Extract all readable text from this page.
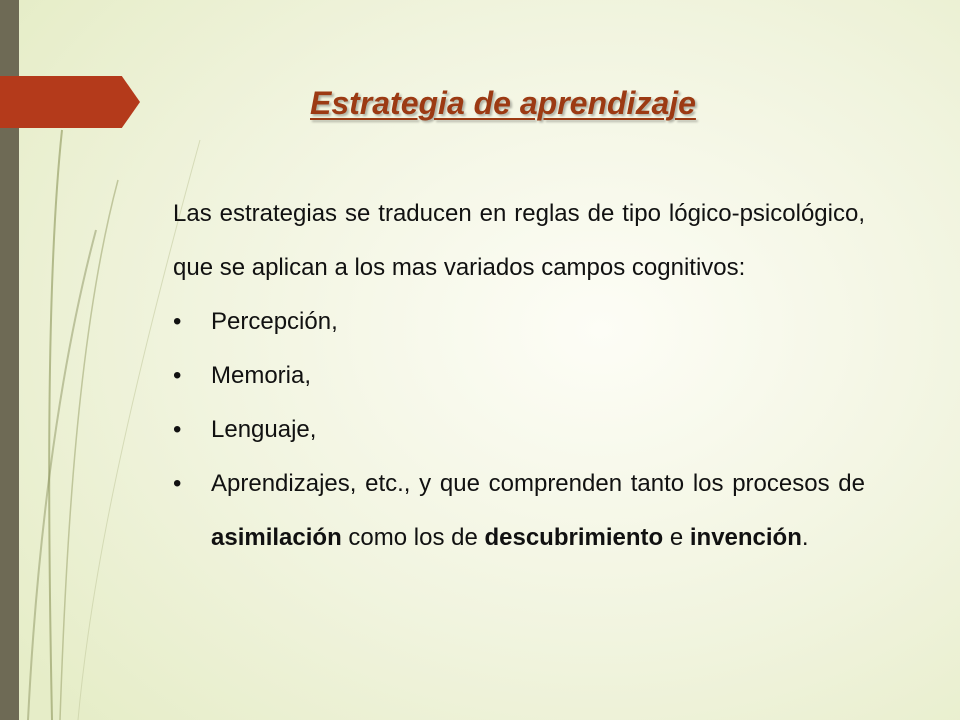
Estrategia de aprendizaje

Las estrategias se traducen en reglas de tipo lógico-psicológico, que se aplican a los mas variados campos cognitivos:

• Percepción,
• Memoria,
• Lenguaje,
• Aprendizajes, etc., y que comprenden tanto los procesos de asimilación como los de descubrimiento e invención.
